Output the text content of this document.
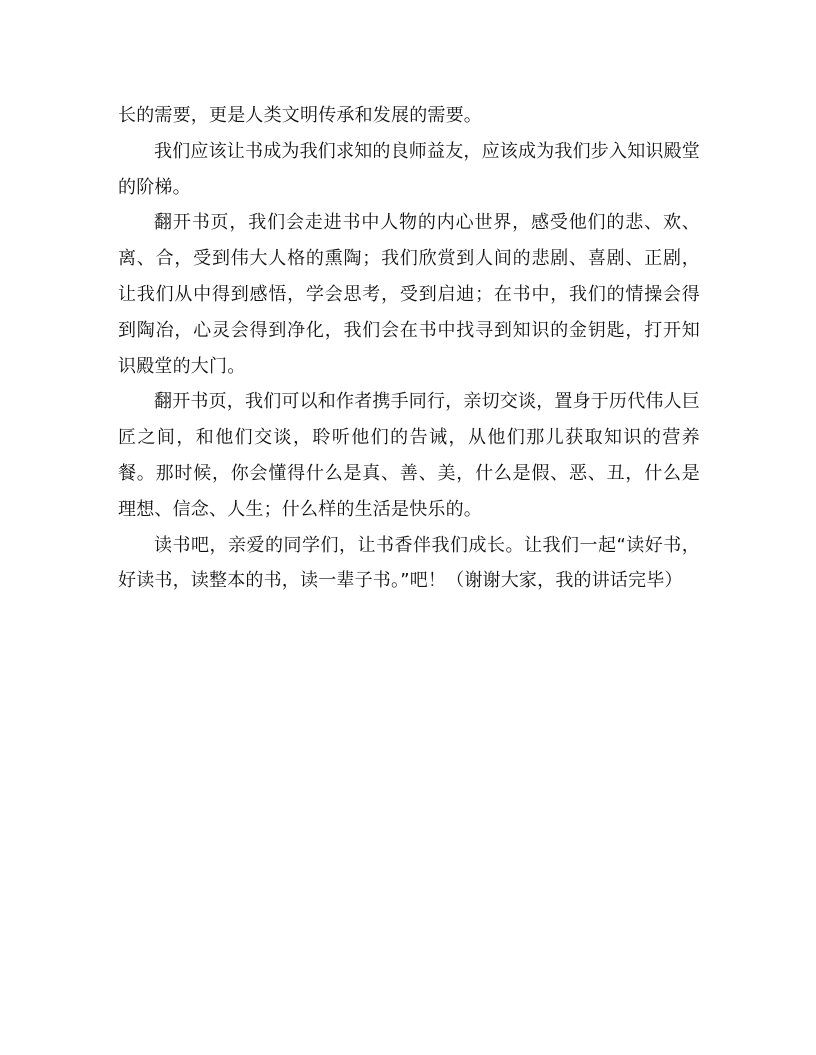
长的需要，更是人类文明传承和发展的需要。

我们应该让书成为我们求知的良师益友，应该成为我们步入知识殿堂的阶梯。

翻开书页，我们会走进书中人物的内心世界，感受他们的悲、欢、离、合，受到伟大人格的熏陶；我们欣赏到人间的悲剧、喜剧、正剧，让我们从中得到感悟，学会思考，受到启迪；在书中，我们的情操会得到陶冶，心灵会得到净化，我们会在书中找寻到知识的金钥匙，打开知识殿堂的大门。

翻开书页，我们可以和作者携手同行，亲切交谈，置身于历代伟人巨匠之间，和他们交谈，聆听他们的告诫，从他们那儿获取知识的营养餐。那时候，你会懂得什么是真、善、美，什么是假、恶、丑，什么是理想、信念、人生；什么样的生活是快乐的。

读书吧，亲爱的同学们，让书香伴我们成长。让我们一起“读好书，好读书，读整本的书，读一辈子书。”吧！（谢谢大家，我的讲话完毕）
